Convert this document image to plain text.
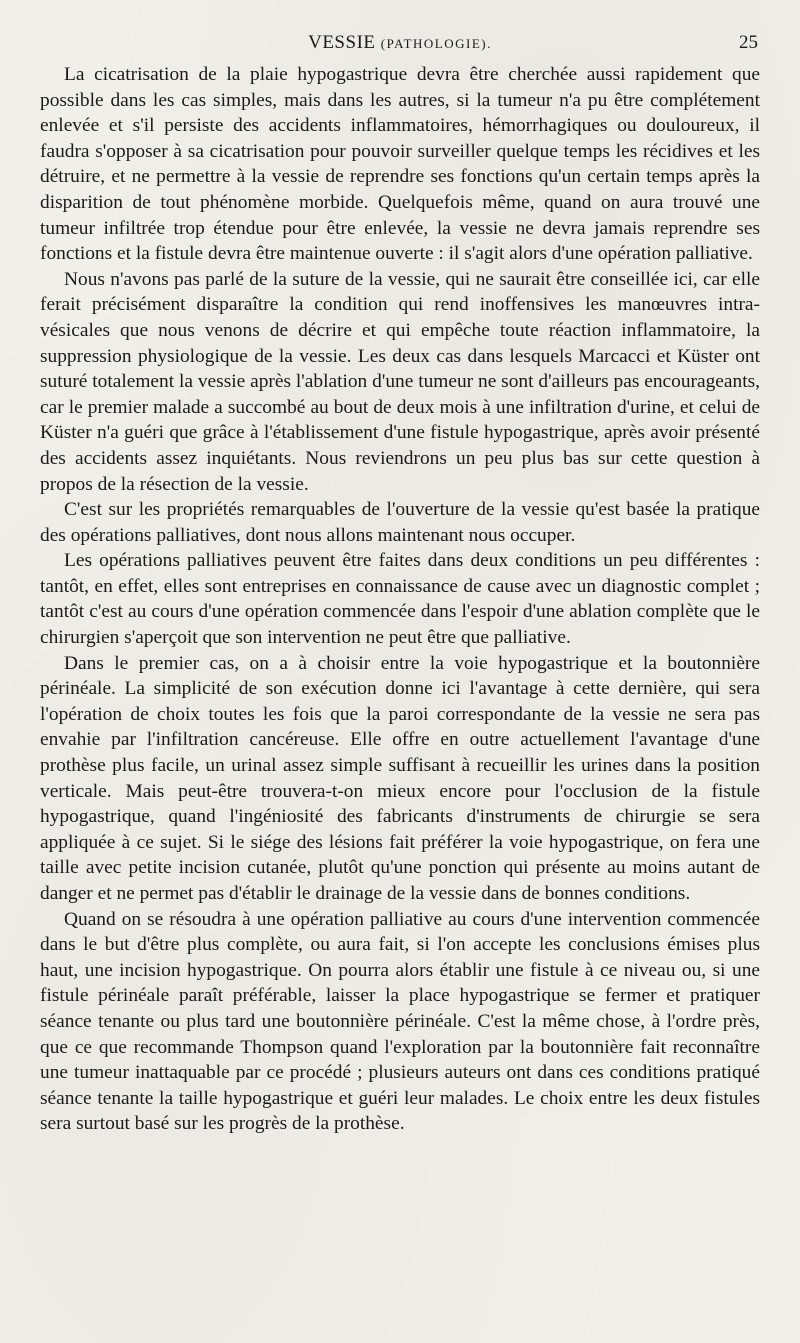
VESSIE (PATHOLOGIE).	25

La cicatrisation de la plaie hypogastrique devra être cherchée aussi rapidement que possible dans les cas simples, mais dans les autres, si la tumeur n'a pu être complétement enlevée et s'il persiste des accidents inflammatoires, hémorrhagiques ou douloureux, il faudra s'opposer à sa cicatrisation pour pouvoir surveiller quelque temps les récidives et les détruire, et ne permettre à la vessie de reprendre ses fonctions qu'un certain temps après la disparition de tout phénomène morbide. Quelquefois même, quand on aura trouvé une tumeur infiltrée trop étendue pour être enlevée, la vessie ne devra jamais reprendre ses fonctions et la fistule devra être maintenue ouverte : il s'agit alors d'une opération palliative.

Nous n'avons pas parlé de la suture de la vessie, qui ne saurait être conseillée ici, car elle ferait précisément disparaître la condition qui rend inoffensives les manœuvres intra-vésicales que nous venons de décrire et qui empêche toute réaction inflammatoire, la suppression physiologique de la vessie. Les deux cas dans lesquels Marcacci et Küster ont suturé totalement la vessie après l'ablation d'une tumeur ne sont d'ailleurs pas encourageants, car le premier malade a succombé au bout de deux mois à une infiltration d'urine, et celui de Küster n'a guéri que grâce à l'établissement d'une fistule hypogastrique, après avoir présenté des accidents assez inquiétants. Nous reviendrons un peu plus bas sur cette question à propos de la résection de la vessie.

C'est sur les propriétés remarquables de l'ouverture de la vessie qu'est basée la pratique des opérations palliatives, dont nous allons maintenant nous occuper.

Les opérations palliatives peuvent être faites dans deux conditions un peu différentes : tantôt, en effet, elles sont entreprises en connaissance de cause avec un diagnostic complet ; tantôt c'est au cours d'une opération commencée dans l'espoir d'une ablation complète que le chirurgien s'aperçoit que son intervention ne peut être que palliative.

Dans le premier cas, on a à choisir entre la voie hypogastrique et la boutonnière périnéale. La simplicité de son exécution donne ici l'avantage à cette dernière, qui sera l'opération de choix toutes les fois que la paroi correspondante de la vessie ne sera pas envahie par l'infiltration cancéreuse. Elle offre en outre actuellement l'avantage d'une prothèse plus facile, un urinal assez simple suffisant à recueillir les urines dans la position verticale. Mais peut-être trouvera-t-on mieux encore pour l'occlusion de la fistule hypogastrique, quand l'ingéniosité des fabricants d'instruments de chirurgie se sera appliquée à ce sujet. Si le siége des lésions fait préférer la voie hypogastrique, on fera une taille avec petite incision cutanée, plutôt qu'une ponction qui présente au moins autant de danger et ne permet pas d'établir le drainage de la vessie dans de bonnes conditions.

Quand on se résoudra à une opération palliative au cours d'une intervention commencée dans le but d'être plus complète, ou aura fait, si l'on accepte les conclusions émises plus haut, une incision hypogastrique. On pourra alors établir une fistule à ce niveau ou, si une fistule périnéale paraît préférable, laisser la place hypogastrique se fermer et pratiquer séance tenante ou plus tard une boutonnière périnéale. C'est la même chose, à l'ordre près, que ce que recommande Thompson quand l'exploration par la boutonnière fait reconnaître une tumeur inattaquable par ce procédé ; plusieurs auteurs ont dans ces conditions pratiqué séance tenante la taille hypogastrique et guéri leur malades. Le choix entre les deux fistules sera surtout basé sur les progrès de la prothèse.
